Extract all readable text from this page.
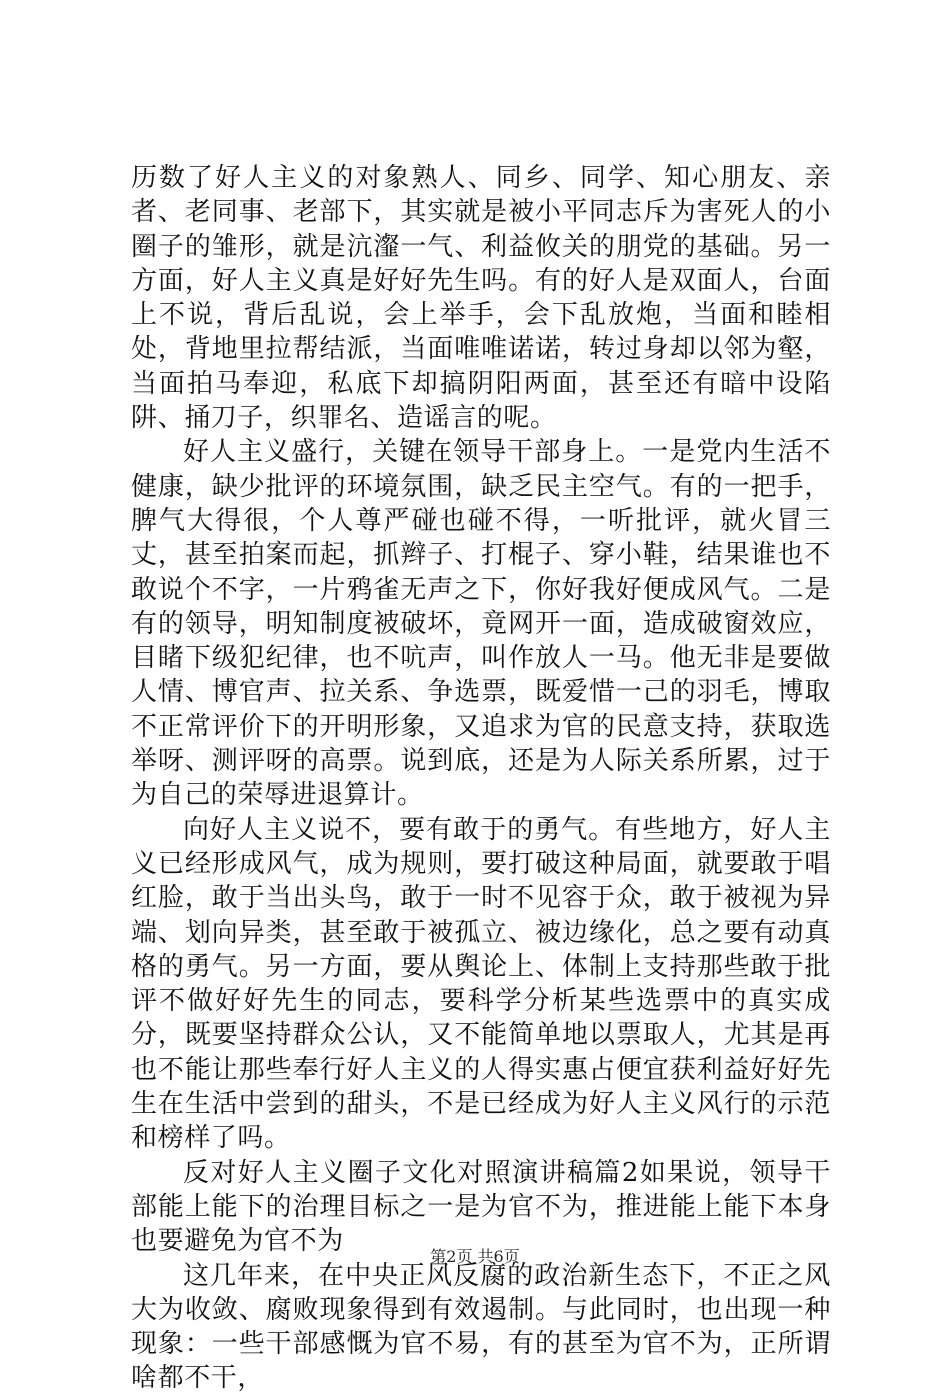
历数了好人主义的对象熟人、同乡、同学、知心朋友、亲者、老同事、老部下，其实就是被小平同志斥为害死人的小圈子的雏形，就是沆瀣一气、利益攸关的朋党的基础。另一方面，好人主义真是好好先生吗。有的好人是双面人，台面上不说，背后乱说，会上举手，会下乱放炮，当面和睦相处，背地里拉帮结派，当面唯唯诺诺，转过身却以邻为壑，当面拍马奉迎，私底下却搞阴阳两面，甚至还有暗中设陷阱、捅刀子，织罪名、造谣言的呢。

好人主义盛行，关键在领导干部身上。一是党内生活不健康，缺少批评的环境氛围，缺乏民主空气。有的一把手，脾气大得很，个人尊严碰也碰不得，一听批评，就火冒三丈，甚至拍案而起，抓辫子、打棍子、穿小鞋，结果谁也不敢说个不字，一片鸦雀无声之下，你好我好便成风气。二是有的领导，明知制度被破坏，竟网开一面，造成破窗效应，目睹下级犯纪律，也不吭声，叫作放人一马。他无非是要做人情、博官声、拉关系、争选票，既爱惜一己的羽毛，博取不正常评价下的开明形象，又追求为官的民意支持，获取选举呀、测评呀的高票。说到底，还是为人际关系所累，过于为自己的荣辱进退算计。

向好人主义说不，要有敢于的勇气。有些地方，好人主义已经形成风气，成为规则，要打破这种局面，就要敢于唱红脸，敢于当出头鸟，敢于一时不见容于众，敢于被视为异端、划向异类，甚至敢于被孤立、被边缘化，总之要有动真格的勇气。另一方面，要从舆论上、体制上支持那些敢于批评不做好好先生的同志，要科学分析某些选票中的真实成分，既要坚持群众公认，又不能简单地以票取人，尤其是再也不能让那些奉行好人主义的人得实惠占便宜获利益好好先生在生活中尝到的甜头，不是已经成为好人主义风行的示范和榜样了吗。

反对好人主义圈子文化对照演讲稿篇2如果说，领导干部能上能下的治理目标之一是为官不为，推进能上能下本身也要避免为官不为

这几年来，在中央正风反腐的政治新生态下，不正之风大为收敛、腐败现象得到有效遏制。与此同时，也出现一种现象：一些干部感慨为官不易，有的甚至为官不为，正所谓啥都不干，

第2页 共6页
